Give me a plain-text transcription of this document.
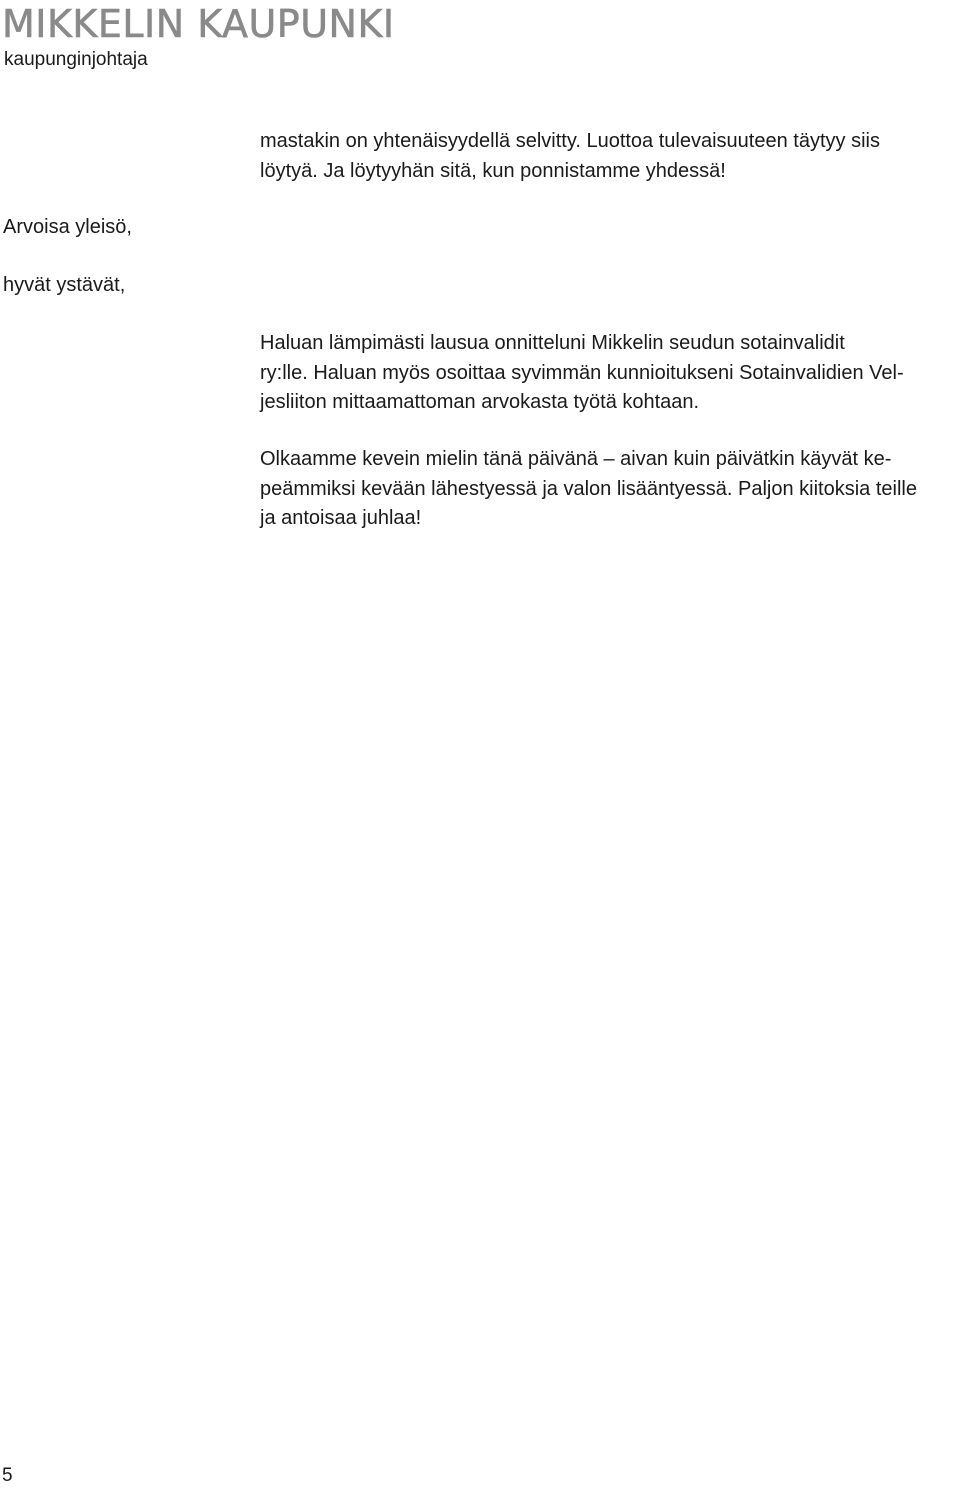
MIKKELIN KAUPUNKI
kaupunginjohtaja

mastakin on yhtenäisyydellä selvitty. Luottoa tulevaisuuteen täytyy siis
löytyä. Ja löytyyhän sitä, kun ponnistamme yhdessä!

Arvoisa yleisö,
hyvät ystävät,

Haluan lämpimästi lausua onnitteluni Mikkelin seudun sotainvalidit
ry:lle. Haluan myös osoittaa syvimmän kunnioitukseni Sotainvalidien Vel-
jesliiton mittaamattoman arvokasta työtä kohtaan.

Olkaamme kevein mielin tänä päivänä – aivan kuin päivätkin käyvät ke-
peämmiksi kevään lähestyessä ja valon lisääntyessä. Paljon kiitoksia teille
ja antoisaa juhlaa!

5
